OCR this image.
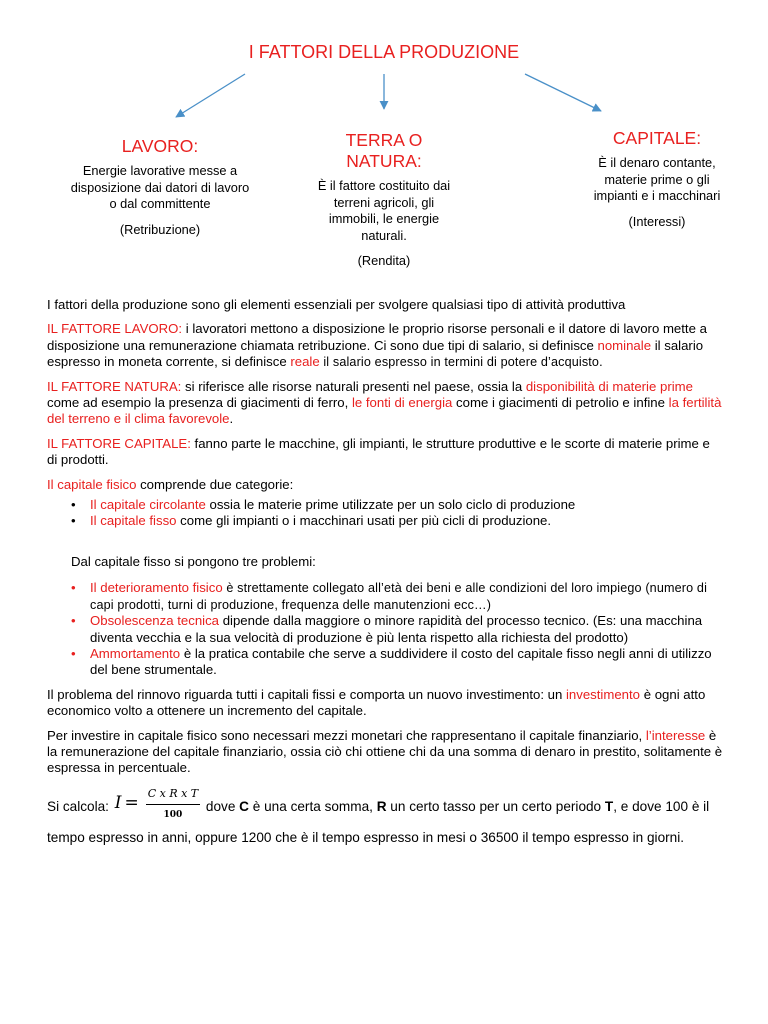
I FATTORI DELLA PRODUZIONE
LAVORO:

Energie lavorative messe a disposizione dai datori di lavoro o dal committente

(Retribuzione)

TERRA O NATURA:

È il fattore costituito dai terreni agricoli, gli immobili, le energie naturali.

(Rendita)

CAPITALE:

È il denaro contante, materie prime o gli impianti e i macchinari

(Interessi)

I fattori della produzione sono gli elementi essenziali per svolgere qualsiasi tipo di attività produttiva

IL FATTORE LAVORO: i lavoratori mettono a disposizione le proprio risorse personali e il datore di lavoro mette a disposizione una remunerazione chiamata retribuzione. Ci sono due tipi di salario, si definisce nominale il salario espresso in moneta corrente, si definisce reale il salario espresso in termini di potere d’acquisto.

IL FATTORE NATURA: si riferisce alle risorse naturali presenti nel paese, ossia la disponibilità di materie prime come ad esempio la presenza di giacimenti di ferro, le fonti di energia come i giacimenti di petrolio e infine la fertilità del terreno e il clima favorevole.

IL FATTORE CAPITALE: fanno parte le macchine, gli impianti, le strutture produttive e le scorte di materie prime e di prodotti.

Il capitale fisico comprende due categorie:

• Il capitale circolante ossia le materie prime utilizzate per un solo ciclo di produzione
• Il capitale fisso come gli impianti o i macchinari usati per più cicli di produzione.

Dal capitale fisso si pongono tre problemi:

• Il deterioramento fisico è strettamente collegato all’età dei beni e alle condizioni del loro impiego (numero di capi prodotti, turni di produzione, frequenza delle manutenzioni ecc…)
• Obsolescenza tecnica dipende dalla maggiore o minore rapidità del processo tecnico. (Es: una macchina diventa vecchia e la sua velocità di produzione è più lenta rispetto alla richiesta del prodotto)
• Ammortamento è la pratica contabile che serve a suddividere il costo del capitale fisso negli anni di utilizzo del bene strumentale.

Il problema del rinnovo riguarda tutti i capitali fissi e comporta un nuovo investimento: un investimento è ogni atto economico volto a ottenere un incremento del capitale.

Per investire in capitale fisico sono necessari mezzi monetari che rappresentano il capitale finanziario, l’interesse è la remunerazione del capitale finanziario, ossia ciò chi ottiene chi da una somma di denaro in prestito, solitamente è espressa in percentuale.

Si calcola: $I = \frac{\text{C x R x T}}{100}$ dove C è una certa somma, R un certo tasso per un certo periodo T, e dove 100 è il tempo espresso in anni, oppure 1200 che è il tempo espresso in mesi o 36500 il tempo espresso in giorni.
